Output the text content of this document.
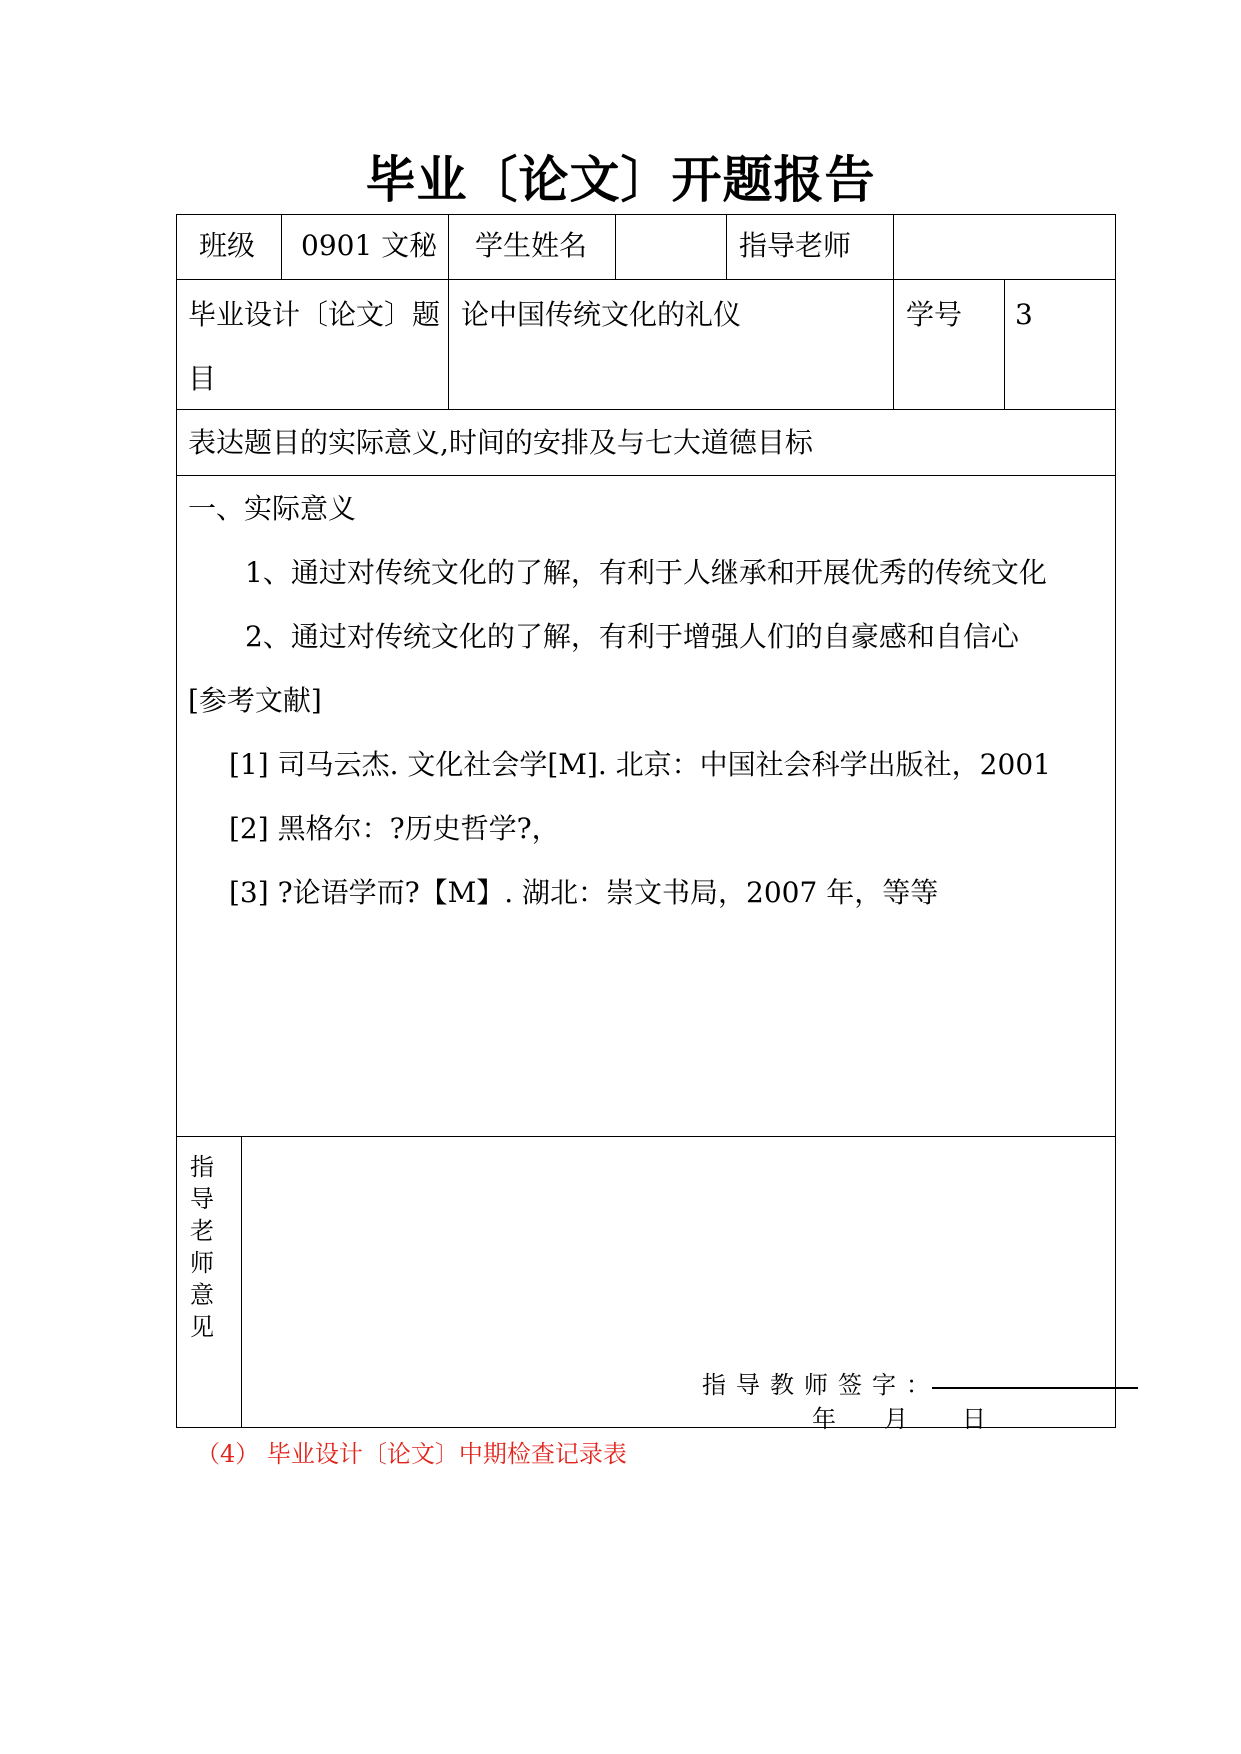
毕业〔论文〕开题报告
班级 0901 文秘 学生姓名	指导老师
毕业设计〔论文〕题
目
论中国传统文化的礼仪	学号 3
表达题目的实际意义,时间的安排及与七大道德目标
一、实际意义
1、通过对传统文化的了解，有利于人继承和开展优秀的传统文化
2、通过对传统文化的了解，有利于增强人们的自豪感和自信心
[参考文献]
[1] 司马云杰. 文化社会学[M]. 北京：中国社会科学出版社，2001
[2] 黑格尔：?历史哲学?，
[3] ?论语学而?【M】. 湖北：崇文书局，2007 年，等等
指
导
老
师
意
见
指导教师签字：
年 月 日
（4） 毕业设计〔论文〕中期检查记录表
